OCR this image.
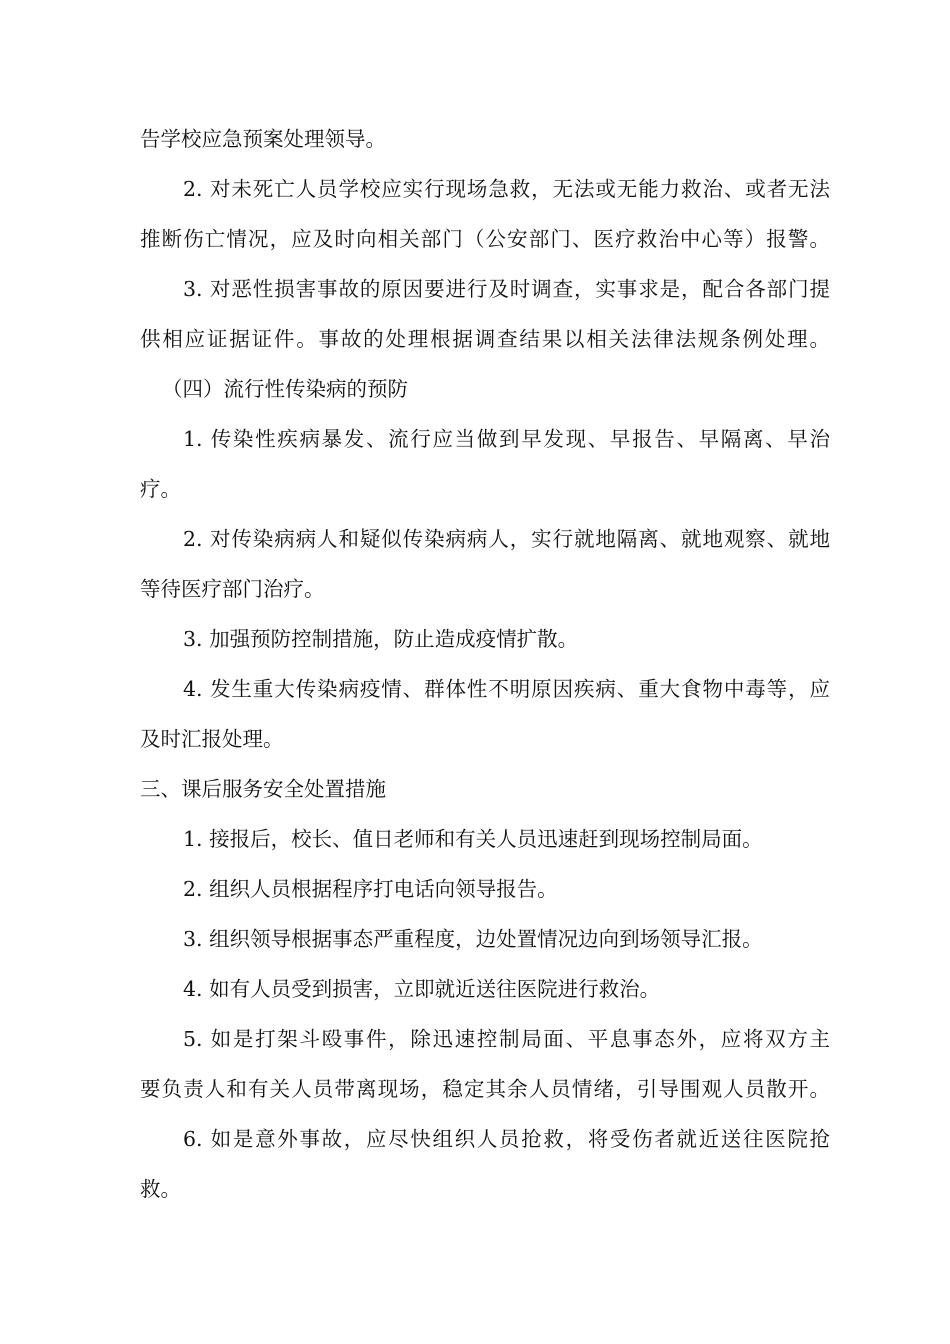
告学校应急预案处理领导。
2. 对未死亡人员学校应实行现场急救，无法或无能力救治、或者无法
推断伤亡情况，应及时向相关部门（公安部门、医疗救治中心等）报警。
3. 对恶性损害事故的原因要进行及时调查，实事求是，配合各部门提
供相应证据证件。事故的处理根据调查结果以相关法律法规条例处理。
（四）流行性传染病的预防
1. 传染性疾病暴发、流行应当做到早发现、早报告、早隔离、早治
疗。
2. 对传染病病人和疑似传染病病人，实行就地隔离、就地观察、就地
等待医疗部门治疗。
3. 加强预防控制措施，防止造成疫情扩散。
4. 发生重大传染病疫情、群体性不明原因疾病、重大食物中毒等，应
及时汇报处理。
三、课后服务安全处置措施
1. 接报后，校长、值日老师和有关人员迅速赶到现场控制局面。
2. 组织人员根据程序打电话向领导报告。
3. 组织领导根据事态严重程度，边处置情况边向到场领导汇报。
4. 如有人员受到损害，立即就近送往医院进行救治。
5. 如是打架斗殴事件，除迅速控制局面、平息事态外，应将双方主
要负责人和有关人员带离现场，稳定其余人员情绪，引导围观人员散开。
6. 如是意外事故，应尽快组织人员抢救，将受伤者就近送往医院抢
救。
